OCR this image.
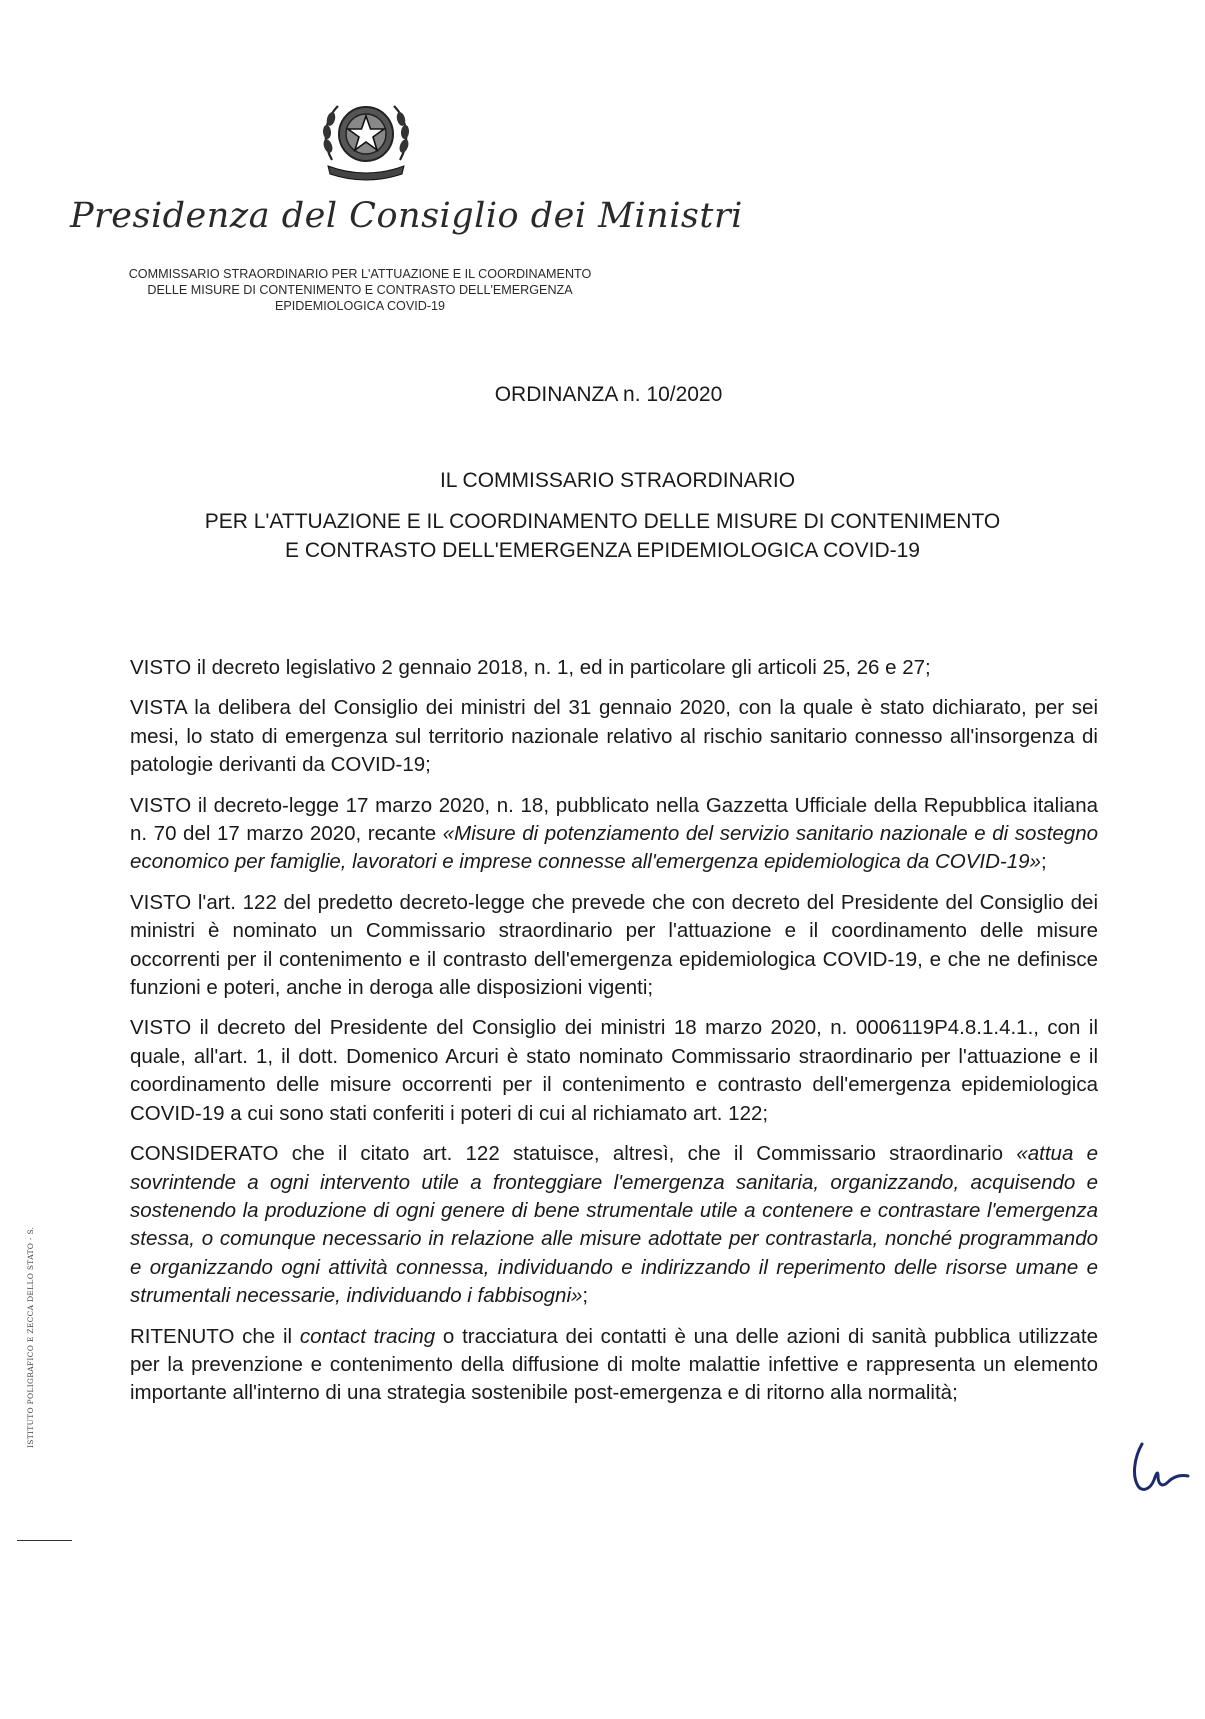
Presidenza del Consiglio dei Ministri
COMMISSARIO STRAORDINARIO PER L'ATTUAZIONE E IL COORDINAMENTO
DELLE MISURE DI CONTENIMENTO E CONTRASTO DELL'EMERGENZA
EPIDEMIOLOGICA COVID-19
ORDINANZA n. 10/2020
IL COMMISSARIO STRAORDINARIO
PER L'ATTUAZIONE E IL COORDINAMENTO DELLE MISURE DI CONTENIMENTO
E CONTRASTO DELL'EMERGENZA EPIDEMIOLOGICA COVID-19

VISTO il decreto legislativo 2 gennaio 2018, n. 1, ed in particolare gli articoli 25, 26 e 27;

VISTA la delibera del Consiglio dei ministri del 31 gennaio 2020, con la quale è stato dichiarato, per sei mesi, lo stato di emergenza sul territorio nazionale relativo al rischio sanitario connesso all'insorgenza di patologie derivanti da COVID-19;

VISTO il decreto-legge 17 marzo 2020, n. 18, pubblicato nella Gazzetta Ufficiale della Repubblica italiana n. 70 del 17 marzo 2020, recante «Misure di potenziamento del servizio sanitario nazionale e di sostegno economico per famiglie, lavoratori e imprese connesse all'emergenza epidemiologica da COVID-19»;

VISTO l'art. 122 del predetto decreto-legge che prevede che con decreto del Presidente del Consiglio dei ministri è nominato un Commissario straordinario per l'attuazione e il coordinamento delle misure occorrenti per il contenimento e il contrasto dell'emergenza epidemiologica COVID-19, e che ne definisce funzioni e poteri, anche in deroga alle disposizioni vigenti;

VISTO il decreto del Presidente del Consiglio dei ministri 18 marzo 2020, n. 0006119P4.8.1.4.1., con il quale, all'art. 1, il dott. Domenico Arcuri è stato nominato Commissario straordinario per l'attuazione e il coordinamento delle misure occorrenti per il contenimento e contrasto dell'emergenza epidemiologica COVID-19 a cui sono stati conferiti i poteri di cui al richiamato art. 122;

CONSIDERATO che il citato art. 122 statuisce, altresì, che il Commissario straordinario «attua e sovrintende a ogni intervento utile a fronteggiare l'emergenza sanitaria, organizzando, acquisendo e sostenendo la produzione di ogni genere di bene strumentale utile a contenere e contrastare l'emergenza stessa, o comunque necessario in relazione alle misure adottate per contrastarla, nonché programmando e organizzando ogni attività connessa, individuando e indirizzando il reperimento delle risorse umane e strumentali necessarie, individuando i fabbisogni»;

RITENUTO che il contact tracing o tracciatura dei contatti è una delle azioni di sanità pubblica utilizzate per la prevenzione e contenimento della diffusione di molte malattie infettive e rappresenta un elemento importante all'interno di una strategia sostenibile post-emergenza e di ritorno alla normalità;

ISTITUTO POLIGRAFICO E ZECCA DELLO STATO - S.
